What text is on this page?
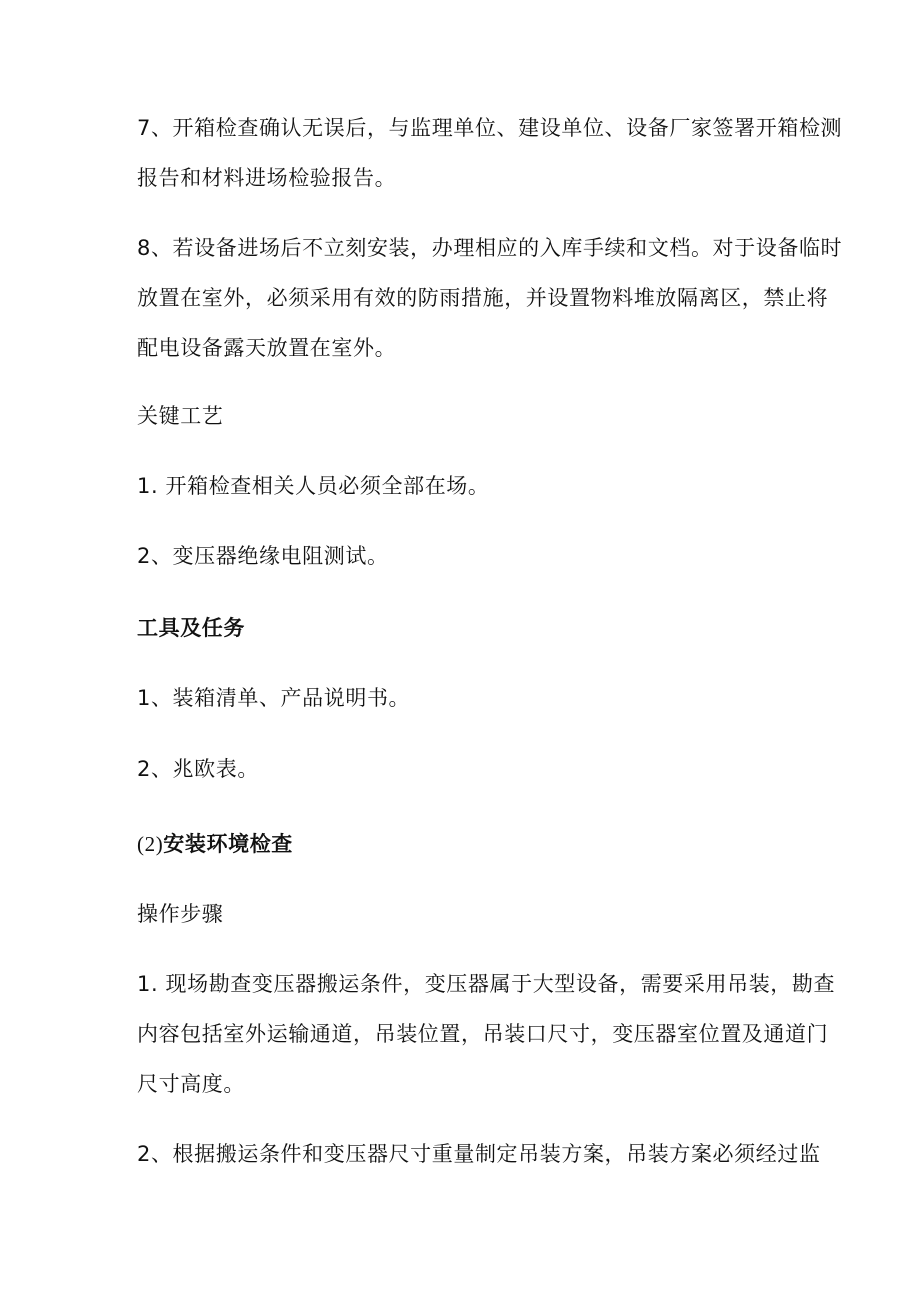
7、开箱检查确认无误后，与监理单位、建设单位、设备厂家签署开箱检测
报告和材料进场检验报告。
8、若设备进场后不立刻安装，办理相应的入库手续和文档。对于设备临时
放置在室外，必须采用有效的防雨措施，并设置物料堆放隔离区，禁止将
配电设备露天放置在室外。
关键工艺
1. 开箱检查相关人员必须全部在场。
2、变压器绝缘电阻测试。
工具及任务
1、装箱清单、产品说明书。
2、兆欧表。
(2)安装环境检查
操作步骤
1. 现场勘查变压器搬运条件，变压器属于大型设备，需要采用吊装，勘查
内容包括室外运输通道，吊装位置，吊装口尺寸，变压器室位置及通道门
尺寸高度。
2、根据搬运条件和变压器尺寸重量制定吊装方案，吊装方案必须经过监
